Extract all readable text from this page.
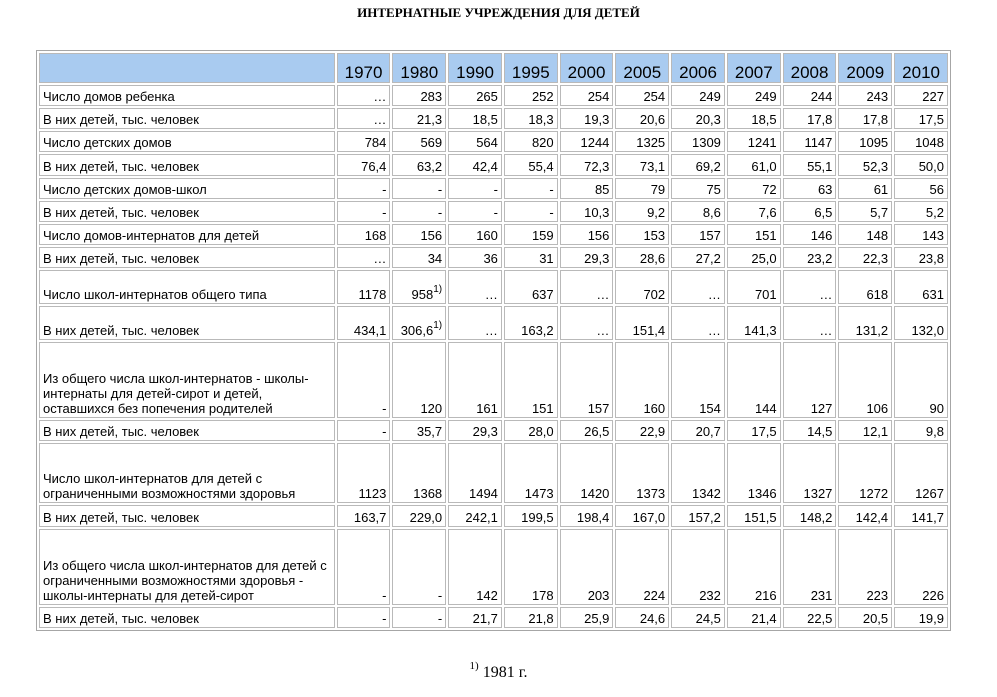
ИНТЕРНАТНЫЕ УЧРЕЖДЕНИЯ ДЛЯ ДЕТЕЙ
	1970	1980	1990	1995	2000	2005	2006	2007	2008	2009	2010
Число домов ребенка	…	283	265	252	254	254	249	249	244	243	227
В них детей, тыс. человек	…	21,3	18,5	18,3	19,3	20,6	20,3	18,5	17,8	17,8	17,5
Число детских домов	784	569	564	820	1244	1325	1309	1241	1147	1095	1048
В них детей, тыс. человек	76,4	63,2	42,4	55,4	72,3	73,1	69,2	61,0	55,1	52,3	50,0
Число детских домов-школ	-	-	-	-	85	79	75	72	63	61	56
В них детей, тыс. человек	-	-	-	-	10,3	9,2	8,6	7,6	6,5	5,7	5,2
Число домов-интернатов для детей	168	156	160	159	156	153	157	151	146	148	143
В них детей, тыс. человек	…	34	36	31	29,3	28,6	27,2	25,0	23,2	22,3	23,8
Число школ-интернатов общего типа	1178	958$^{1)}$	…	637	…	702	…	701	…	618	631
В них детей, тыс. человек	434,1	306,6$^{1)}$	…	163,2	…	151,4	…	141,3	…	131,2	132,0
Из общего числа школ-интернатов - школы-интернаты для детей-сирот и детей, оставшихся без попечения родителей	-	120	161	151	157	160	154	144	127	106	90
В них детей, тыс. человек	-	35,7	29,3	28,0	26,5	22,9	20,7	17,5	14,5	12,1	9,8
Число школ-интернатов для детей с ограниченными возможностями здоровья	1123	1368	1494	1473	1420	1373	1342	1346	1327	1272	1267
В них детей, тыс. человек	163,7	229,0	242,1	199,5	198,4	167,0	157,2	151,5	148,2	142,4	141,7
Из общего числа школ-интернатов для детей с ограниченными возможностями здоровья - школы-интернаты для детей-сирот	-	-	142	178	203	224	232	216	231	223	226
В них детей, тыс. человек	-	-	21,7	21,8	25,9	24,6	24,5	21,4	22,5	20,5	19,9
$^{1)}$ 1981 г.
